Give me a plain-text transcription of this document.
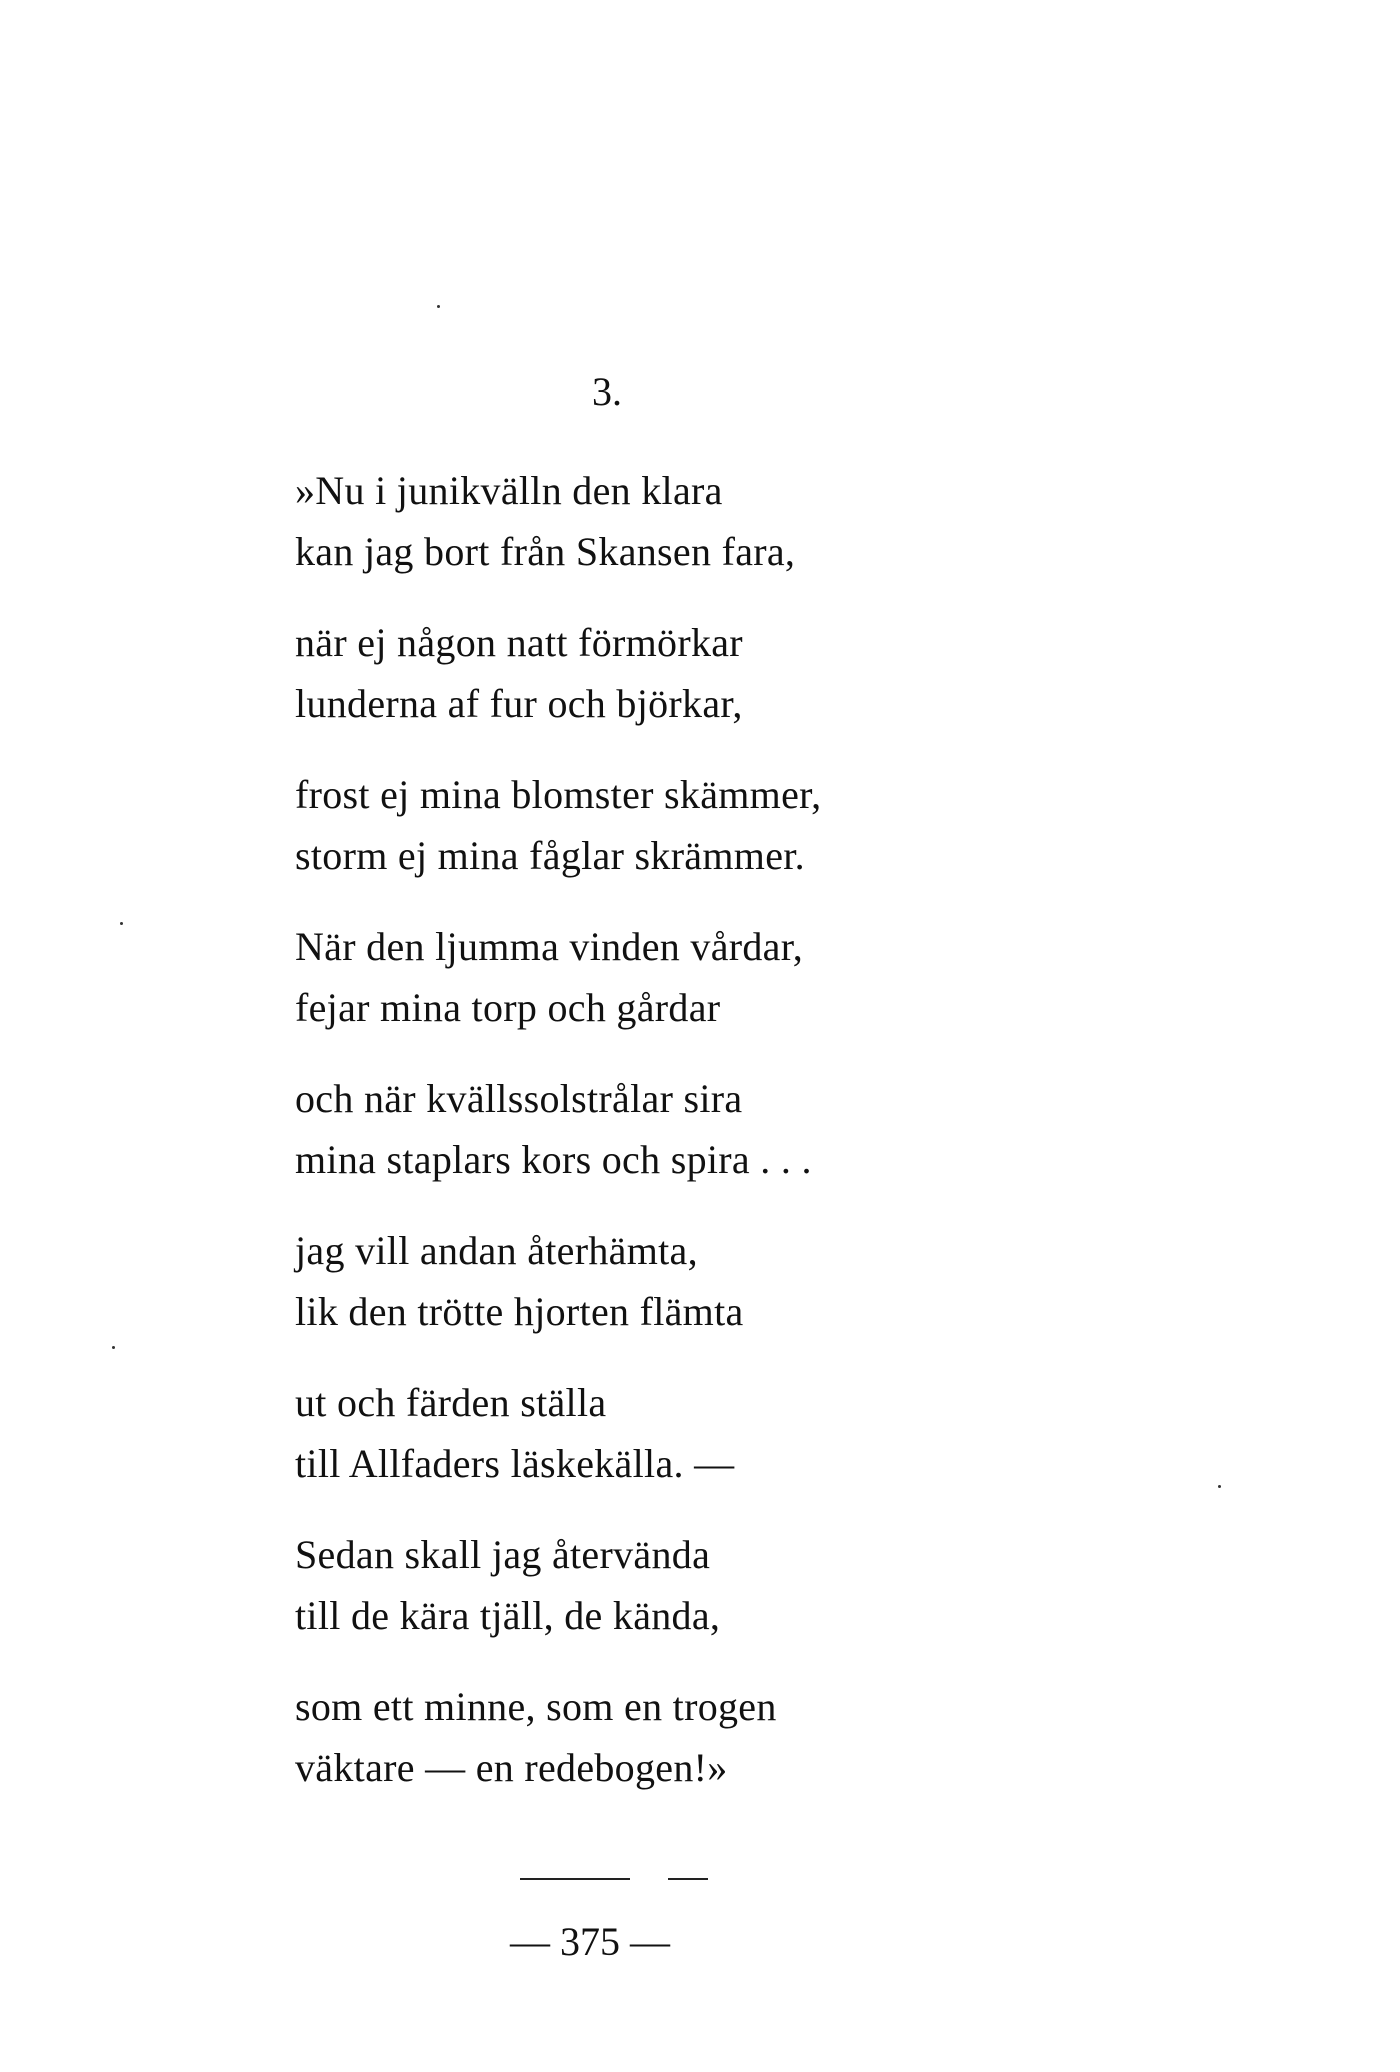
3.
»Nu i junikvälln den klara
kan jag bort från Skansen fara,
när ej någon natt förmörkar
lunderna af fur och björkar,
frost ej mina blomster skämmer,
storm ej mina fåglar skrämmer.
När den ljumma vinden vårdar,
fejar mina torp och gårdar
och när kvällssolstrålar sira
mina staplars kors och spira . . .
jag vill andan återhämta,
lik den trötte hjorten flämta
ut och färden ställa
till Allfaders läskekälla. —
Sedan skall jag återvända
till de kära tjäll, de kända,
som ett minne, som en trogen
väktare — en redebogen!»
— 375 —
